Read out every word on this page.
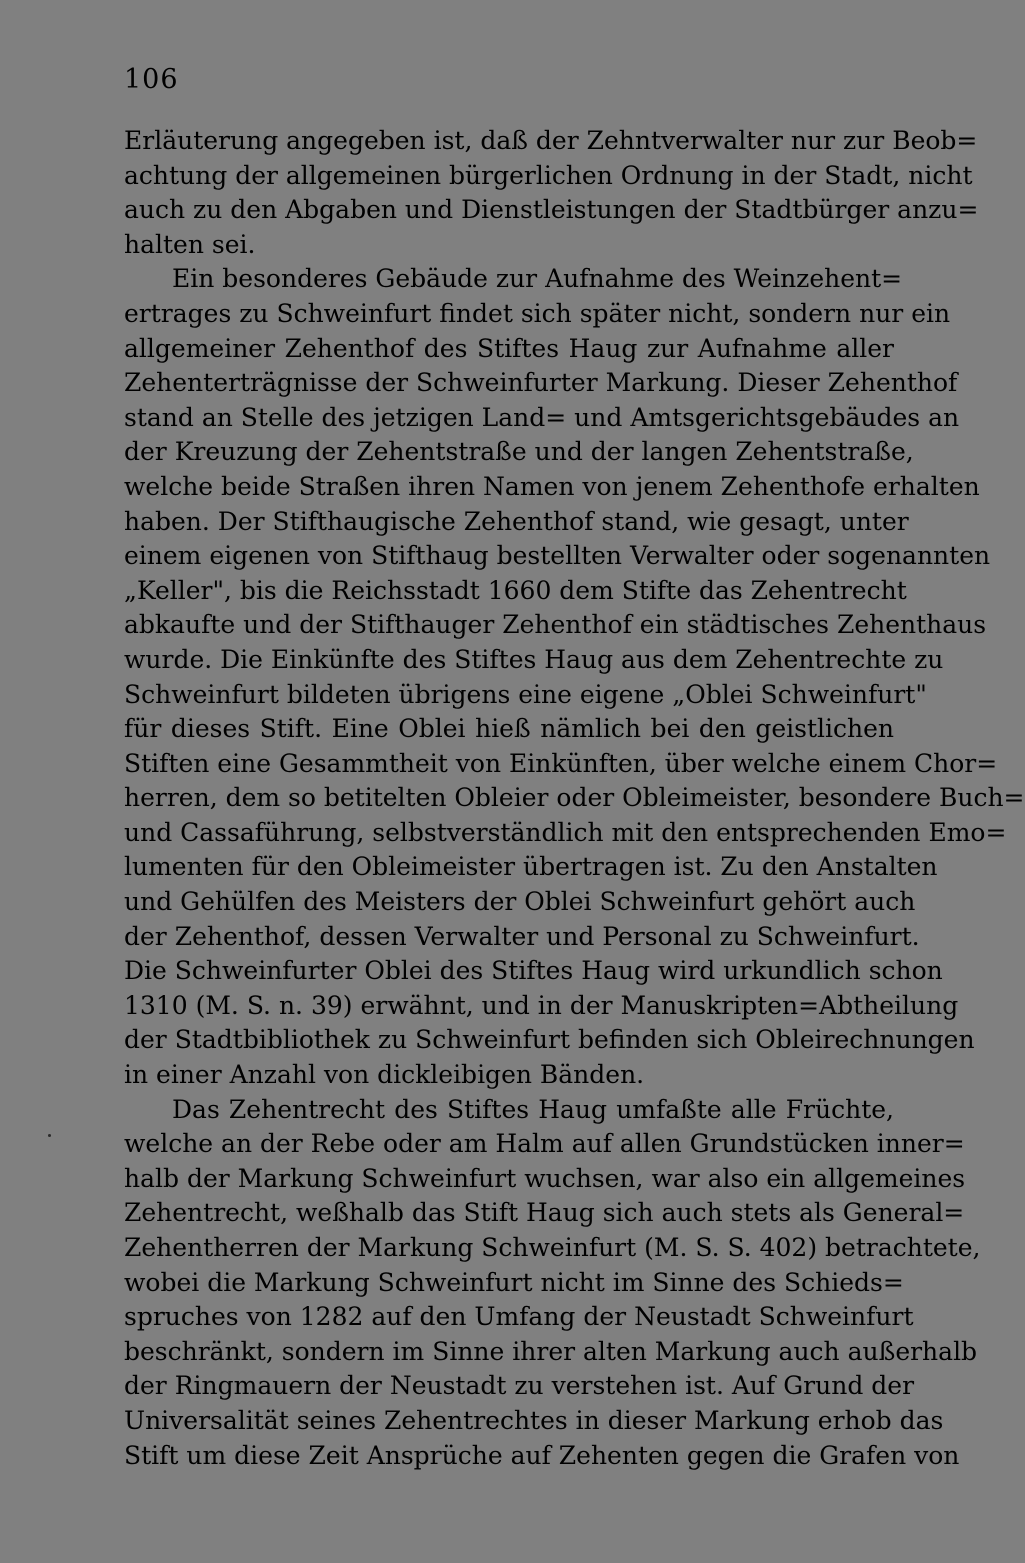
106
Erläuterung angegeben ist, daß der Zehntverwalter nur zur Beob=
achtung der allgemeinen bürgerlichen Ordnung in der Stadt, nicht
auch zu den Abgaben und Dienstleistungen der Stadtbürger anzu=
halten sei.
Ein besonderes Gebäude zur Aufnahme des Weinzehent=
ertrages zu Schweinfurt findet sich später nicht, sondern nur ein
allgemeiner Zehenthof des Stiftes Haug zur Aufnahme aller
Zehenterträgnisse der Schweinfurter Markung. Dieser Zehenthof
stand an Stelle des jetzigen Land= und Amtsgerichtsgebäudes an
der Kreuzung der Zehentstraße und der langen Zehentstraße,
welche beide Straßen ihren Namen von jenem Zehenthofe erhalten
haben. Der Stifthaugische Zehenthof stand, wie gesagt, unter
einem eigenen von Stifthaug bestellten Verwalter oder sogenannten
„Keller", bis die Reichsstadt 1660 dem Stifte das Zehentrecht
abkaufte und der Stifthauger Zehenthof ein städtisches Zehenthaus
wurde. Die Einkünfte des Stiftes Haug aus dem Zehentrechte zu
Schweinfurt bildeten übrigens eine eigene „Oblei Schweinfurt"
für dieses Stift. Eine Oblei hieß nämlich bei den geistlichen
Stiften eine Gesammtheit von Einkünften, über welche einem Chor=
herren, dem so betitelten Obleier oder Obleimeister, besondere Buch=
und Cassaführung, selbstverständlich mit den entsprechenden Emo=
lumenten für den Obleimeister übertragen ist. Zu den Anstalten
und Gehülfen des Meisters der Oblei Schweinfurt gehört auch
der Zehenthof, dessen Verwalter und Personal zu Schweinfurt.
Die Schweinfurter Oblei des Stiftes Haug wird urkundlich schon
1310 (M. S. n. 39) erwähnt, und in der Manuskripten=Abtheilung
der Stadtbibliothek zu Schweinfurt befinden sich Obleirechnungen
in einer Anzahl von dickleibigen Bänden.
Das Zehentrecht des Stiftes Haug umfaßte alle Früchte,
welche an der Rebe oder am Halm auf allen Grundstücken inner=
halb der Markung Schweinfurt wuchsen, war also ein allgemeines
Zehentrecht, weßhalb das Stift Haug sich auch stets als General=
Zehentherren der Markung Schweinfurt (M. S. S. 402) betrachtete,
wobei die Markung Schweinfurt nicht im Sinne des Schieds=
spruches von 1282 auf den Umfang der Neustadt Schweinfurt
beschränkt, sondern im Sinne ihrer alten Markung auch außerhalb
der Ringmauern der Neustadt zu verstehen ist. Auf Grund der
Universalität seines Zehentrechtes in dieser Markung erhob das
Stift um diese Zeit Ansprüche auf Zehenten gegen die Grafen von
